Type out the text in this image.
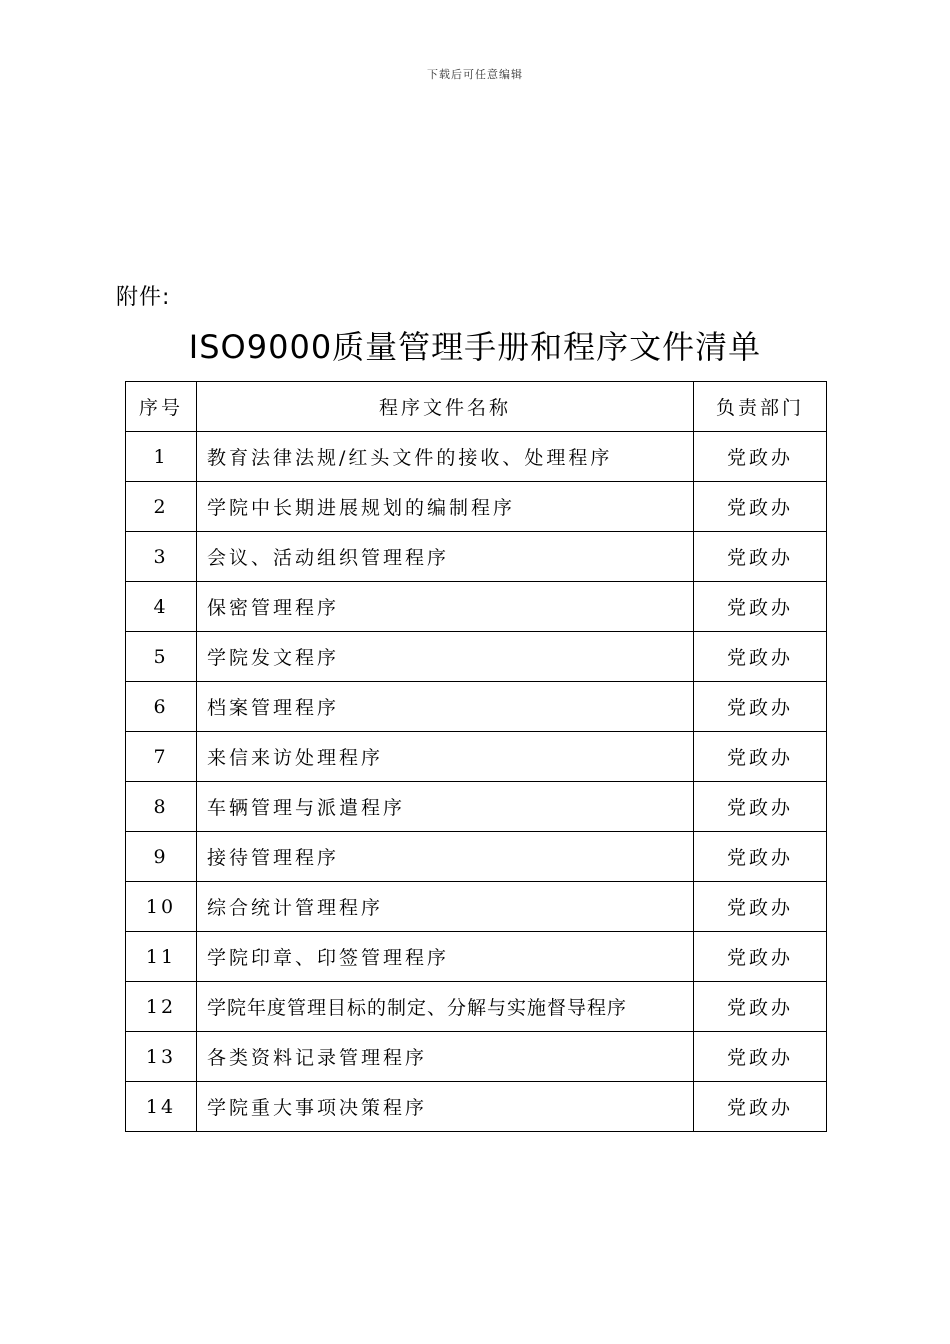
下载后可任意编辑
附件:
ISO9000质量管理手册和程序文件清单
序号	程序文件名称	负责部门
1	教育法律法规/红头文件的接收、处理程序	党政办
2	学院中长期进展规划的编制程序	党政办
3	会议、活动组织管理程序	党政办
4	保密管理程序	党政办
5	学院发文程序	党政办
6	档案管理程序	党政办
7	来信来访处理程序	党政办
8	车辆管理与派遣程序	党政办
9	接待管理程序	党政办
10	综合统计管理程序	党政办
11	学院印章、印签管理程序	党政办
12	学院年度管理目标的制定、分解与实施督导程序	党政办
13	各类资料记录管理程序	党政办
14	学院重大事项决策程序	党政办
